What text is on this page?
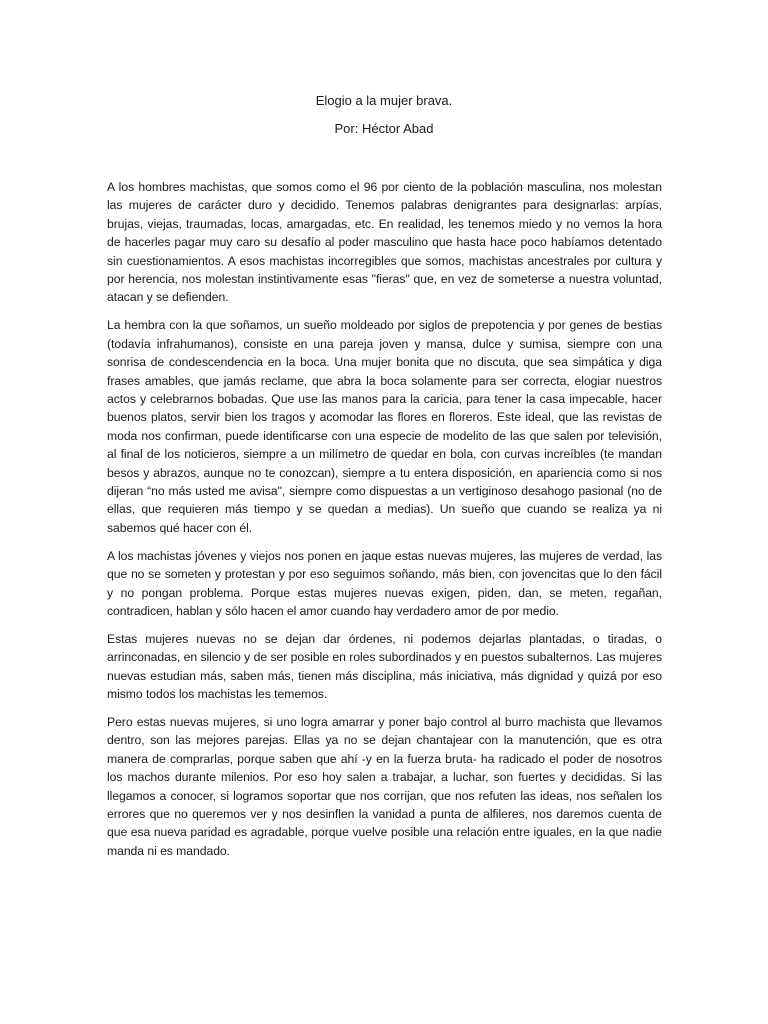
Elogio a la mujer brava.
Por: Héctor Abad

A los hombres machistas, que somos como el 96 por ciento de la población masculina, nos molestan las mujeres de carácter duro y decidido. Tenemos palabras denigrantes para designarlas: arpías, brujas, viejas, traumadas, locas, amargadas, etc. En realidad, les tenemos miedo y no vemos la hora de hacerles pagar muy caro su desafío al poder masculino que hasta hace poco habíamos detentado sin cuestionamientos. A esos machistas incorregibles que somos, machistas ancestrales por cultura y por herencia, nos molestan instintivamente esas "fieras" que, en vez de someterse a nuestra voluntad, atacan y se defienden.

La hembra con la que soñamos, un sueño moldeado por siglos de prepotencia y por genes de bestias (todavía infrahumanos), consiste en una pareja joven y mansa, dulce y sumisa, siempre con una sonrisa de condescendencia en la boca. Una mujer bonita que no discuta, que sea simpática y diga frases amables, que jamás reclame, que abra la boca solamente para ser correcta, elogiar nuestros actos y celebrarnos bobadas. Que use las manos para la caricia, para tener la casa impecable, hacer buenos platos, servir bien los tragos y acomodar las flores en floreros. Este ideal, que las revistas de moda nos confirman, puede identificarse con una especie de modelito de las que salen por televisión, al final de los noticieros, siempre a un milímetro de quedar en bola, con curvas increíbles (te mandan besos y abrazos, aunque no te conozcan), siempre a tu entera disposición, en apariencia como si nos dijeran “no más usted me avisa", siempre como dispuestas a un vertiginoso desahogo pasional (no de ellas, que requieren más tiempo y se quedan a medias). Un sueño que cuando se realiza ya ni sabemos qué hacer con él.

A los machistas jóvenes y viejos nos ponen en jaque estas nuevas mujeres, las mujeres de verdad, las que no se someten y protestan y por eso seguimos soñando, más bien, con jovencitas que lo den fácil y no pongan problema. Porque estas mujeres nuevas exigen, piden, dan, se meten, regañan, contradicen, hablan y sólo hacen el amor cuando hay verdadero amor de por medio.

Estas mujeres nuevas no se dejan dar órdenes, ni podemos dejarlas plantadas, o tiradas, o arrinconadas, en silencio y de ser posible en roles subordinados y en puestos subalternos. Las mujeres nuevas estudian más, saben más, tienen más disciplina, más iniciativa, más dignidad y quizá por eso mismo todos los machistas les tememos.

Pero estas nuevas mujeres, si uno logra amarrar y poner bajo control al burro machista que llevamos dentro, son las mejores parejas. Ellas ya no se dejan chantajear con la manutención, que es otra manera de comprarlas, porque saben que ahí -y en la fuerza bruta- ha radicado el poder de nosotros los machos durante milenios. Por eso hoy salen a trabajar, a luchar, son fuertes y decididas. Si las llegamos a conocer, si logramos soportar que nos corrijan, que nos refuten las ideas, nos señalen los errores que no queremos ver y nos desinflen la vanidad a punta de alfileres, nos daremos cuenta de que esa nueva paridad es agradable, porque vuelve posible una relación entre iguales, en la que nadie manda ni es mandado.
